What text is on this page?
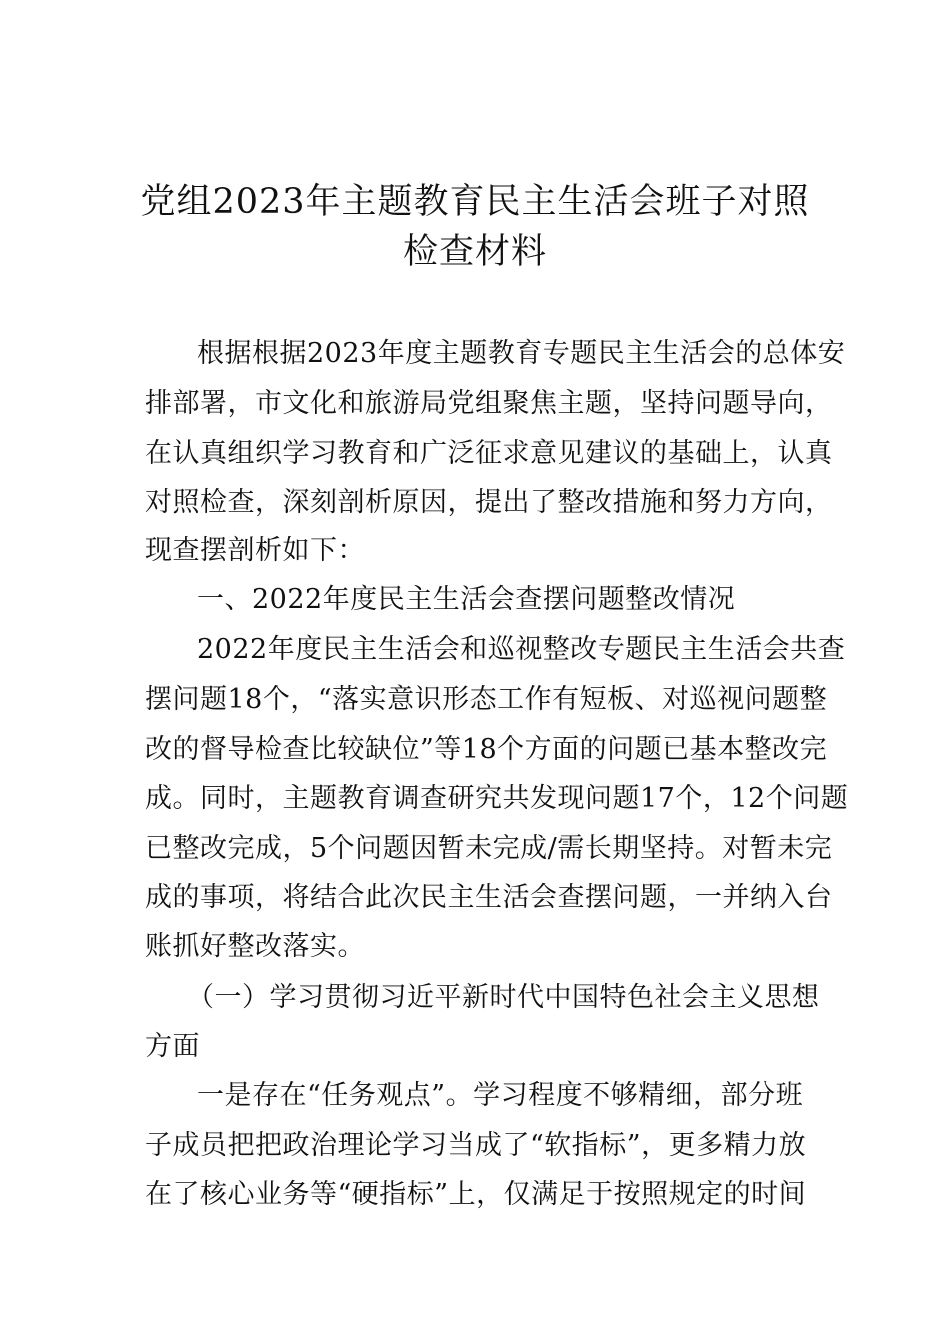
党组2023年主题教育民主生活会班子对照
检查材料
根据根据2023年度主题教育专题民主生活会的总体安
排部署，市文化和旅游局党组聚焦主题，坚持问题导向，
在认真组织学习教育和广泛征求意见建议的基础上，认真
对照检查，深刻剖析原因，提出了整改措施和努力方向，
现查摆剖析如下：
一、2022年度民主生活会查摆问题整改情况
2022年度民主生活会和巡视整改专题民主生活会共查
摆问题18个，“落实意识形态工作有短板、对巡视问题整
改的督导检查比较缺位”等18个方面的问题已基本整改完
成。同时，主题教育调查研究共发现问题17个，12个问题
已整改完成，5个问题因暂未完成/需长期坚持。对暂未完
成的事项，将结合此次民主生活会查摆问题，一并纳入台
账抓好整改落实。
（一）学习贯彻习近平新时代中国特色社会主义思想
方面
一是存在“任务观点”。学习程度不够精细，部分班
子成员把把政治理论学习当成了“软指标”，更多精力放
在了核心业务等“硬指标”上，仅满足于按照规定的时间
